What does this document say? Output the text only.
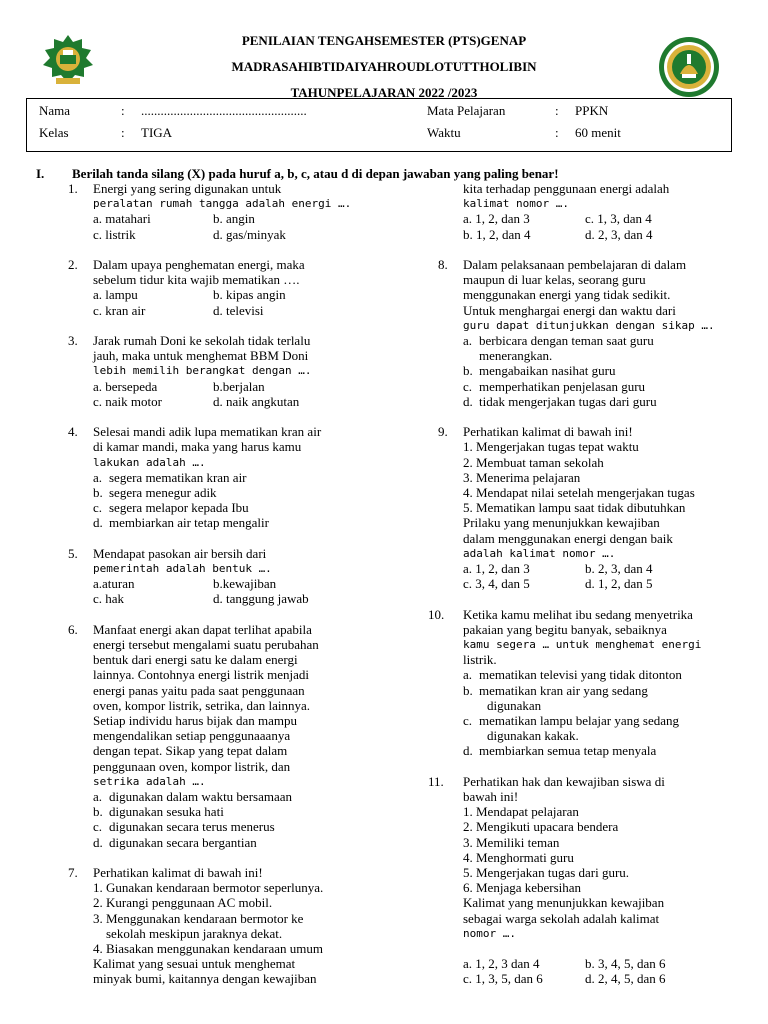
PENILAIAN TENGAHSEMESTER (PTS)GENAP
MADRASAHIBTIDAIYAHROUDLOTUTTHOLIBIN
TAHUNPELAJARAN 2022 /2023
Nama	: ...................................................	Mata Pelajaran	: PPKN
Kelas	: TIGA	Waktu	: 60 menit
I. Berilah tanda silang (X) pada huruf a, b, c, atau d di depan jawaban yang paling benar!
1. Energi yang sering digunakan untuk
peralatan rumah tangga adalah energi ….
a. matahari	b. angin
c. listrik	d. gas/minyak
2. Dalam upaya penghematan energi, maka
sebelum tidur kita wajib mematikan ….
a. lampu	b. kipas angin
c. kran air	d. televisi
3. Jarak rumah Doni ke sekolah tidak terlalu
jauh, maka untuk menghemat BBM Doni
lebih memilih berangkat dengan ….
a. bersepeda	b.berjalan
c. naik motor	d. naik angkutan
4. Selesai mandi adik lupa mematikan kran air
di kamar mandi, maka yang harus kamu
lakukan adalah ….
a. segera mematikan kran air
b. segera menegur adik
c. segera melapor kepada Ibu
d. membiarkan air tetap mengalir
5. Mendapat pasokan air bersih dari
pemerintah adalah bentuk ….
a.aturan	b.kewajiban
c. hak	d. tanggung jawab
6. Manfaat energi akan dapat terlihat apabila
energi tersebut mengalami suatu perubahan
bentuk dari energi satu ke dalam energi
lainnya. Contohnya energi listrik menjadi
energi panas yaitu pada saat penggunaan
oven, kompor listrik, setrika, dan lainnya.
Setiap individu harus bijak dan mampu
mengendalikan setiap penggunaaanya
dengan tepat. Sikap yang tepat dalam
penggunaan oven, kompor listrik, dan
setrika adalah ….
a. digunakan dalam waktu bersamaan
b. digunakan sesuka hati
c. digunakan secara terus menerus
d. digunakan secara bergantian
7. Perhatikan kalimat di bawah ini!
1. Gunakan kendaraan bermotor seperlunya.
2. Kurangi penggunaan AC mobil.
3. Menggunakan kendaraan bermotor ke
sekolah meskipun jaraknya dekat.
4. Biasakan menggunakan kendaraan umum
Kalimat yang sesuai untuk menghemat
minyak bumi, kaitannya dengan kewajiban
kita terhadap penggunaan energi adalah
kalimat nomor ….
a. 1, 2, dan 3	c. 1, 3, dan 4
b. 1, 2, dan 4	d. 2, 3, dan 4
8. Dalam pelaksanaan pembelajaran di dalam
maupun di luar kelas, seorang guru
menggunakan energi yang tidak sedikit.
Untuk menghargai energi dan waktu dari
guru dapat ditunjukkan dengan sikap ….
a. berbicara dengan teman saat guru
menerangkan.
b. mengabaikan nasihat guru
c. memperhatikan penjelasan guru
d. tidak mengerjakan tugas dari guru
9. Perhatikan kalimat di bawah ini!
1. Mengerjakan tugas tepat waktu
2. Membuat taman sekolah
3. Menerima pelajaran
4. Mendapat nilai setelah mengerjakan tugas
5. Mematikan lampu saat tidak dibutuhkan
Prilaku yang menunjukkan kewajiban
dalam menggunakan energi dengan baik
adalah kalimat nomor ….
a. 1, 2, dan 3	b. 2, 3, dan 4
c. 3, 4, dan 5	d. 1, 2, dan 5
10. Ketika kamu melihat ibu sedang menyetrika
pakaian yang begitu banyak, sebaiknya
kamu segera … untuk menghemat energi
listrik.
a. mematikan televisi yang tidak ditonton
b. mematikan kran air yang sedang
digunakan
c. mematikan lampu belajar yang sedang
digunakan kakak.
d. membiarkan semua tetap menyala
11. Perhatikan hak dan kewajiban siswa di
bawah ini!
1. Mendapat pelajaran
2. Mengikuti upacara bendera
3. Memiliki teman
4. Menghormati guru
5. Mengerjakan tugas dari guru.
6. Menjaga kebersihan
Kalimat yang menunjukkan kewajiban
sebagai warga sekolah adalah kalimat
nomor ….
a. 1, 2, 3 dan 4	b. 3, 4, 5, dan 6
c. 1, 3, 5, dan 6	d. 2, 4, 5, dan 6
